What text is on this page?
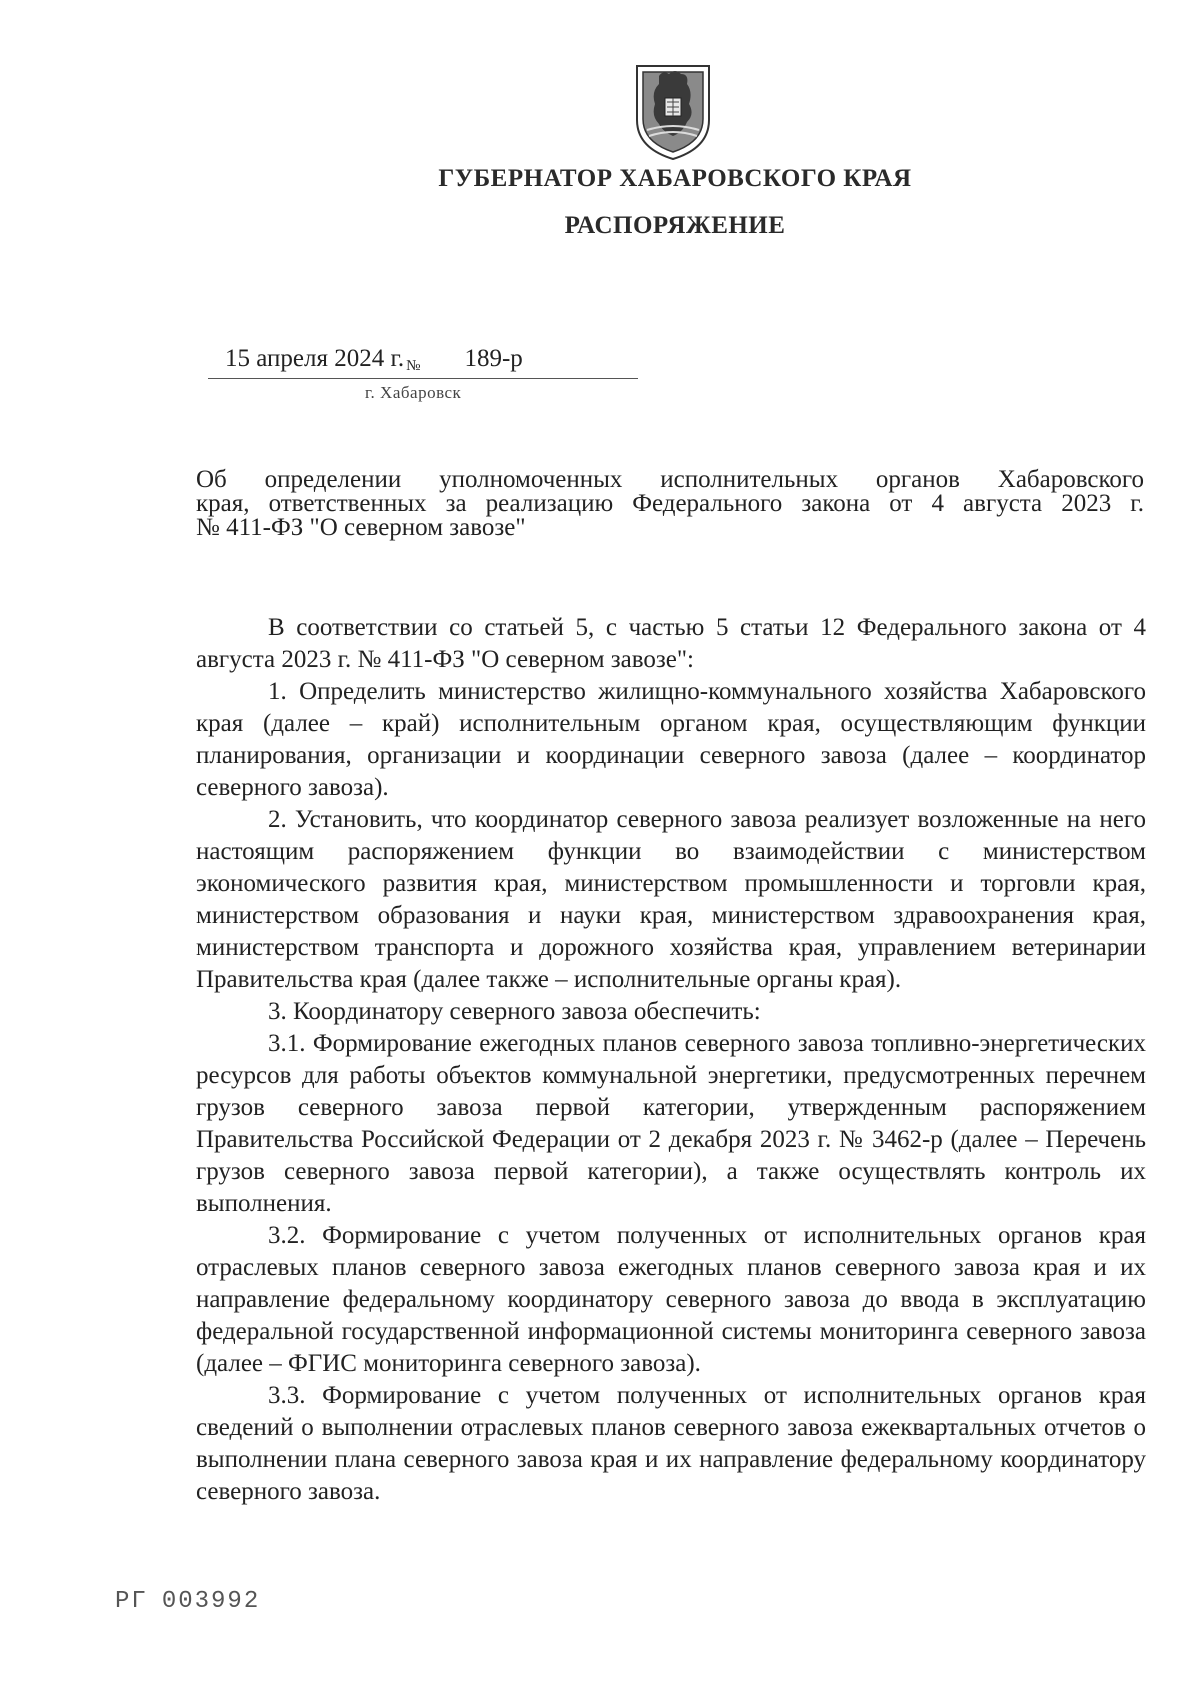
ГУБЕРНАТОР ХАБАРОВСКОГО КРАЯ
РАСПОРЯЖЕНИЕ
15 апреля 2024 г. № 189-р
г. Хабаровск
Об определении уполномоченных исполнительных органов Хабаровского
края, ответственных за реализацию Федерального закона от 4 августа 2023 г.
№ 411-ФЗ "О северном завозе"

В соответствии со статьей 5, с частью 5 статьи 12 Федерального закона от 4 августа 2023 г. № 411-ФЗ "О северном завозе":

1. Определить министерство жилищно-коммунального хозяйства Хабаровского края (далее – край) исполнительным органом края, осуществляющим функции планирования, организации и координации северного завоза (далее – координатор северного завоза).

2. Установить, что координатор северного завоза реализует возложенные на него настоящим распоряжением функции во взаимодействии с министерством экономического развития края, министерством промышленности и торговли края, министерством образования и науки края, министерством здравоохранения края, министерством транспорта и дорожного хозяйства края, управлением ветеринарии Правительства края (далее также – исполнительные органы края).

3. Координатору северного завоза обеспечить:

3.1. Формирование ежегодных планов северного завоза топливно-энергетических ресурсов для работы объектов коммунальной энергетики, предусмотренных перечнем грузов северного завоза первой категории, утвержденным распоряжением Правительства Российской Федерации от 2 декабря 2023 г. № 3462-р (далее – Перечень грузов северного завоза первой категории), а также осуществлять контроль их выполнения.

3.2. Формирование с учетом полученных от исполнительных органов края отраслевых планов северного завоза ежегодных планов северного завоза края и их направление федеральному координатору северного завоза до ввода в эксплуатацию федеральной государственной информационной системы мониторинга северного завоза (далее – ФГИС мониторинга северного завоза).

3.3. Формирование с учетом полученных от исполнительных органов края сведений о выполнении отраслевых планов северного завоза ежеквартальных отчетов о выполнении плана северного завоза края и их направление федеральному координатору северного завоза.

РГ 003992
